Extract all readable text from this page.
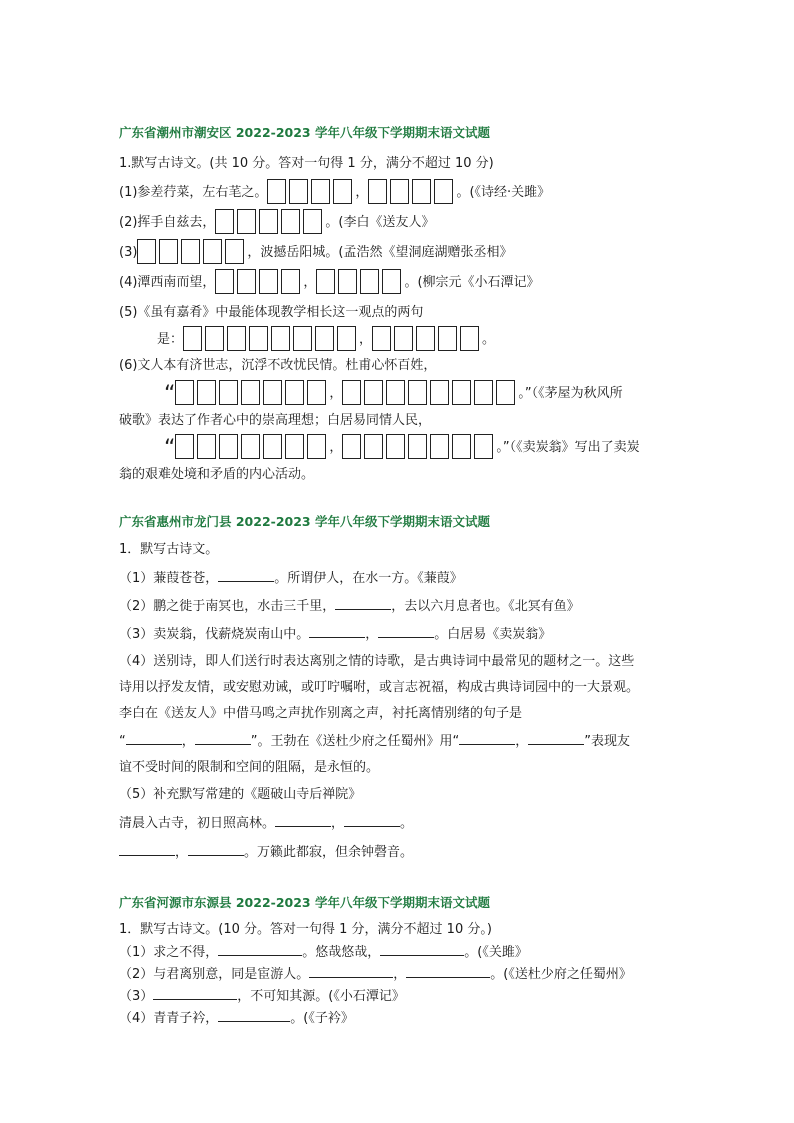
广东省潮州市潮安区 2022-2023 学年八年级下学期期末语文试题
1.默写古诗文。(共 10 分。答对一句得 1 分，满分不超过 10 分)
(1)参差荇菜，左右芼之。	，	。(《诗经·关雎》
(2)挥手自兹去，	。(李白《送友人》
(3)	，波撼岳阳城。(孟浩然《望洞庭湖赠张丞相》
(4)潭西南而望，	，	。(柳宗元《小石潭记》
(5)《虽有嘉肴》中最能体现教学相长这一观点的两句
是：	，	。
(6)文人本有济世志，沉浮不改忧民情。杜甫心怀百姓，
“	，	。”（《茅屋为秋风所
破歌》表达了作者心中的崇高理想；白居易同情人民，
“	，	。”（《卖炭翁》写出了卖炭
翁的艰难处境和矛盾的内心活动。
广东省惠州市龙门县 2022-2023 学年八年级下学期期末语文试题
1．默写古诗文。
（1）蒹葭苍苍，	。所谓伊人，在水一方。《蒹葭》
（2）鹏之徙于南冥也，水击三千里，	，去以六月息者也。《北冥有鱼》
（3）卖炭翁，伐薪烧炭南山中。	，	。白居易《卖炭翁》
（4）送别诗，即人们送行时表达离别之情的诗歌，是古典诗词中最常见的题材之一。这些
诗用以抒发友情，或安慰劝诫，或叮咛嘱咐，或言志祝福，构成古典诗词园中的一大景观。
李白在《送友人》中借马鸣之声扰作别离之声，衬托离情别绪的句子是
“	，	”。王勃在《送杜少府之任蜀州》用“	，	”表现友
谊不受时间的限制和空间的阻隔，是永恒的。
（5）补充默写常建的《题破山寺后禅院》
清晨入古寺，初日照高林。	，	。
，	。万籁此都寂，但余钟磬音。
广东省河源市东源县 2022-2023 学年八年级下学期期末语文试题
1．默写古诗文。(10 分。答对一句得 1 分，满分不超过 10 分。)
（1）求之不得，	。悠哉悠哉，	。(《关雎》
（2）与君离别意，同是宦游人。	，	。(《送杜少府之任蜀州》
（3）	，不可知其源。(《小石潭记》
（4）青青子衿，	。(《子衿》
